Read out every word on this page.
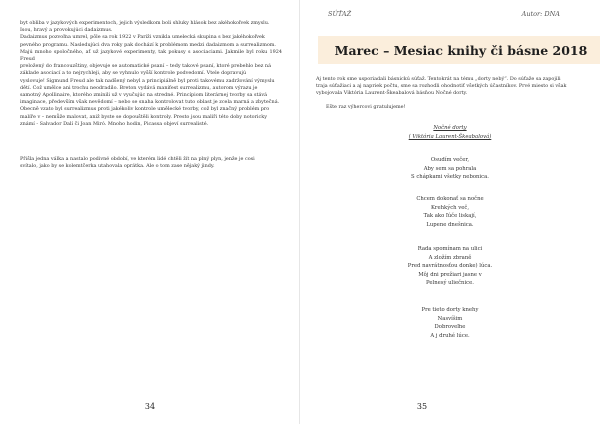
byt obliba v jazykových experimentoch, jejich výsledkom boli shluky hlások bez akéhokoľvek zmyslu.
Isou, hravý a provokujúci dadaizmus.
Dadaizmus pozvoľna umrel, pôle sa rok 1922 v Paríži vznikla umelecká skupina s bez jakéhokoľvek
pevného programu. Nasledujúci dva roky pak dochází k problémom medzi dadaizmom a surrealizmom.
Majú mnoho spoločného, ať už jazykové experimenty, tak pokusy s asociaciami. Jakmile byl roku 1924 Freud
preložený do francouzštiny, objevuje se automatické psaní – tedy takové psaní, ktoré prebehlo bez ná
základe asociací a to nejrychleji, aby se vyhnulo vyšší kontrole podvedomí. Vtele dopravujú
vyslovuje! Sigmund Freud ale tak nadšený nebyl a principiálně byl proti takovému zadržování výmyslu
dětí. Což umělce ani trochu neodradilo. Breton vydává manifest surrealizmu, autorom výrazu je
samotný Apollinaire, ktorého zmínili už v vyučujúc na stredné. Princípiom literárnej tvorby sa stává
imaginace, především však nevědomí – nebo se snaha kontrolovat tuto oblast je zcela marná a zbytečná.
Obecně vzato byl surrealizmus proti jakékoliv kontrole umělecké tvorby, což byl značný problém pro
malíře v – nemůže malovat, aniž byste se dopouštěli kontroly. Presto jsou malíři této doby notoricky
známí - Salvador Dalí či Joan Miró. Mnoho hodin, Picassa objeví surrealisté.
Přišla jedna válka a nastalo podivné období, ve kterém lidé chtěli žít na plný plyn, jenže je cosi
svítalo, jako by se kolemtčerka utahovala oprátka. Ale o tom zase nějaký jindy.
34
SÚŤAŽ	Autor: DNA
Marec – Mesiac knihy či básne 2018
Aj tento rok sme usporiadali básnickú súťaž. Tentokrát na tému „dorty nebý“. Do súťaže sa zapojili
traja súťažiaci a aj napriek počtu, sme sa rozhodli ohodnotiť všetkých účastníkov. Prvé miesto si však
vybojovala Viktória Laurent-Škeabalová básňou Nočné dorty.
Ešte raz výhercovi gratulujeme!
Nočné dorty
( Viktória Laurent-Škeabalová)
Osudím večer,
Aby sem sa pohrala
S chápkami všetky nebonica.
Chcem dokonať sa nočne
Krehkých več,
Tak ako ľúče liskají,
Lupene dnešnica.
Rada spomínam na ulici
A zložím zbraně
Pred navrátnosťou donke) lúca.
Môj dni prežiari jasne v
Pelnesý uliečnice.
Pre tieto dorty knehy
Nasvíšim
Dobroveľne
A j druhé lúce.
35
